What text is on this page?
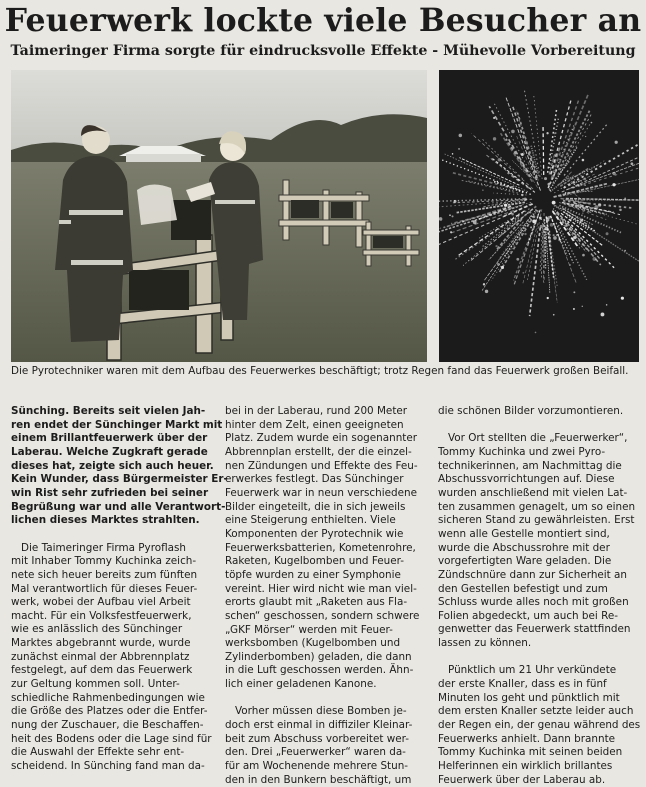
Feuerwerk lockte viele Besucher an
Taimeringer Firma sorgte für eindrucksvolle Effekte - Mühevolle Vorbereitung
Die Pyrotechniker waren mit dem Aufbau des Feuerwerkes beschäftigt; trotz Regen fand das Feuerwerk großen Beifall.

Sünching. Bereits seit vielen Jah-

ren endet der Sünchinger Markt mit

einem Brillantfeuerwerk über der

Laberau. Welche Zugkraft gerade

dieses hat, zeigte sich auch heuer.

Kein Wunder, dass Bürgermeister Er-

win Rist sehr zufrieden bei seiner

Begrüßung war und alle Verantwort-

lichen dieses Marktes strahlten.

Die Taimeringer Firma Pyroflash

mit Inhaber Tommy Kuchinka zeich-

nete sich heuer bereits zum fünften

Mal verantwortlich für dieses Feuer-

werk, wobei der Aufbau viel Arbeit

macht. Für ein Volksfestfeuerwerk,

wie es anlässlich des Sünchinger

Marktes abgebrannt wurde, wurde

zunächst einmal der Abbrennplatz

festgelegt, auf dem das Feuerwerk

zur Geltung kommen soll. Unter-

schiedliche Rahmenbedingungen wie

die Größe des Platzes oder die Entfer-

nung der Zuschauer, die Beschaffen-

heit des Bodens oder die Lage sind für

die Auswahl der Effekte sehr ent-

scheidend. In Sünching fand man da-

bei in der Laberau, rund 200 Meter

hinter dem Zelt, einen geeigneten

Platz. Zudem wurde ein sogenannter

Abbrennplan erstellt, der die einzel-

nen Zündungen und Effekte des Feu-

erwerkes festlegt. Das Sünchinger

Feuerwerk war in neun verschiedene

Bilder eingeteilt, die in sich jeweils

eine Steigerung enthielten. Viele

Komponenten der Pyrotechnik wie

Feuerwerksbatterien, Kometenrohre,

Raketen, Kugelbomben und Feuer-

töpfe wurden zu einer Symphonie

vereint. Hier wird nicht wie man viel-

erorts glaubt mit „Raketen aus Fla-

schen“ geschossen, sondern schwere

„GKF Mörser“ werden mit Feuer-

werksbomben (Kugelbomben und

Zylinderbomben) geladen, die dann

in die Luft geschossen werden. Ähn-

lich einer geladenen Kanone.

Vorher müssen diese Bomben je-

doch erst einmal in diffiziler Kleinar-

beit zum Abschuss vorbereitet wer-

den. Drei „Feuerwerker“ waren da-

für am Wochenende mehrere Stun-

den in den Bunkern beschäftigt, um

die schönen Bilder vorzumontieren.

Vor Ort stellten die „Feuerwerker“,

Tommy Kuchinka und zwei Pyro-

technikerinnen, am Nachmittag die

Abschussvorrichtungen auf. Diese

wurden anschließend mit vielen Lat-

ten zusammen genagelt, um so einen

sicheren Stand zu gewährleisten. Erst

wenn alle Gestelle montiert sind,

wurde die Abschussrohre mit der

vorgefertigten Ware geladen. Die

Zündschnüre dann zur Sicherheit an

den Gestellen befestigt und zum

Schluss wurde alles noch mit großen

Folien abgedeckt, um auch bei Re-

genwetter das Feuerwerk stattfinden

lassen zu können.

Pünktlich um 21 Uhr verkündete

der erste Knaller, dass es in fünf

Minuten los geht und pünktlich mit

dem ersten Knaller setzte leider auch

der Regen ein, der genau während des

Feuerwerks anhielt. Dann brannte

Tommy Kuchinka mit seinen beiden

Helferinnen ein wirklich brillantes

Feuerwerk über der Laberau ab.
